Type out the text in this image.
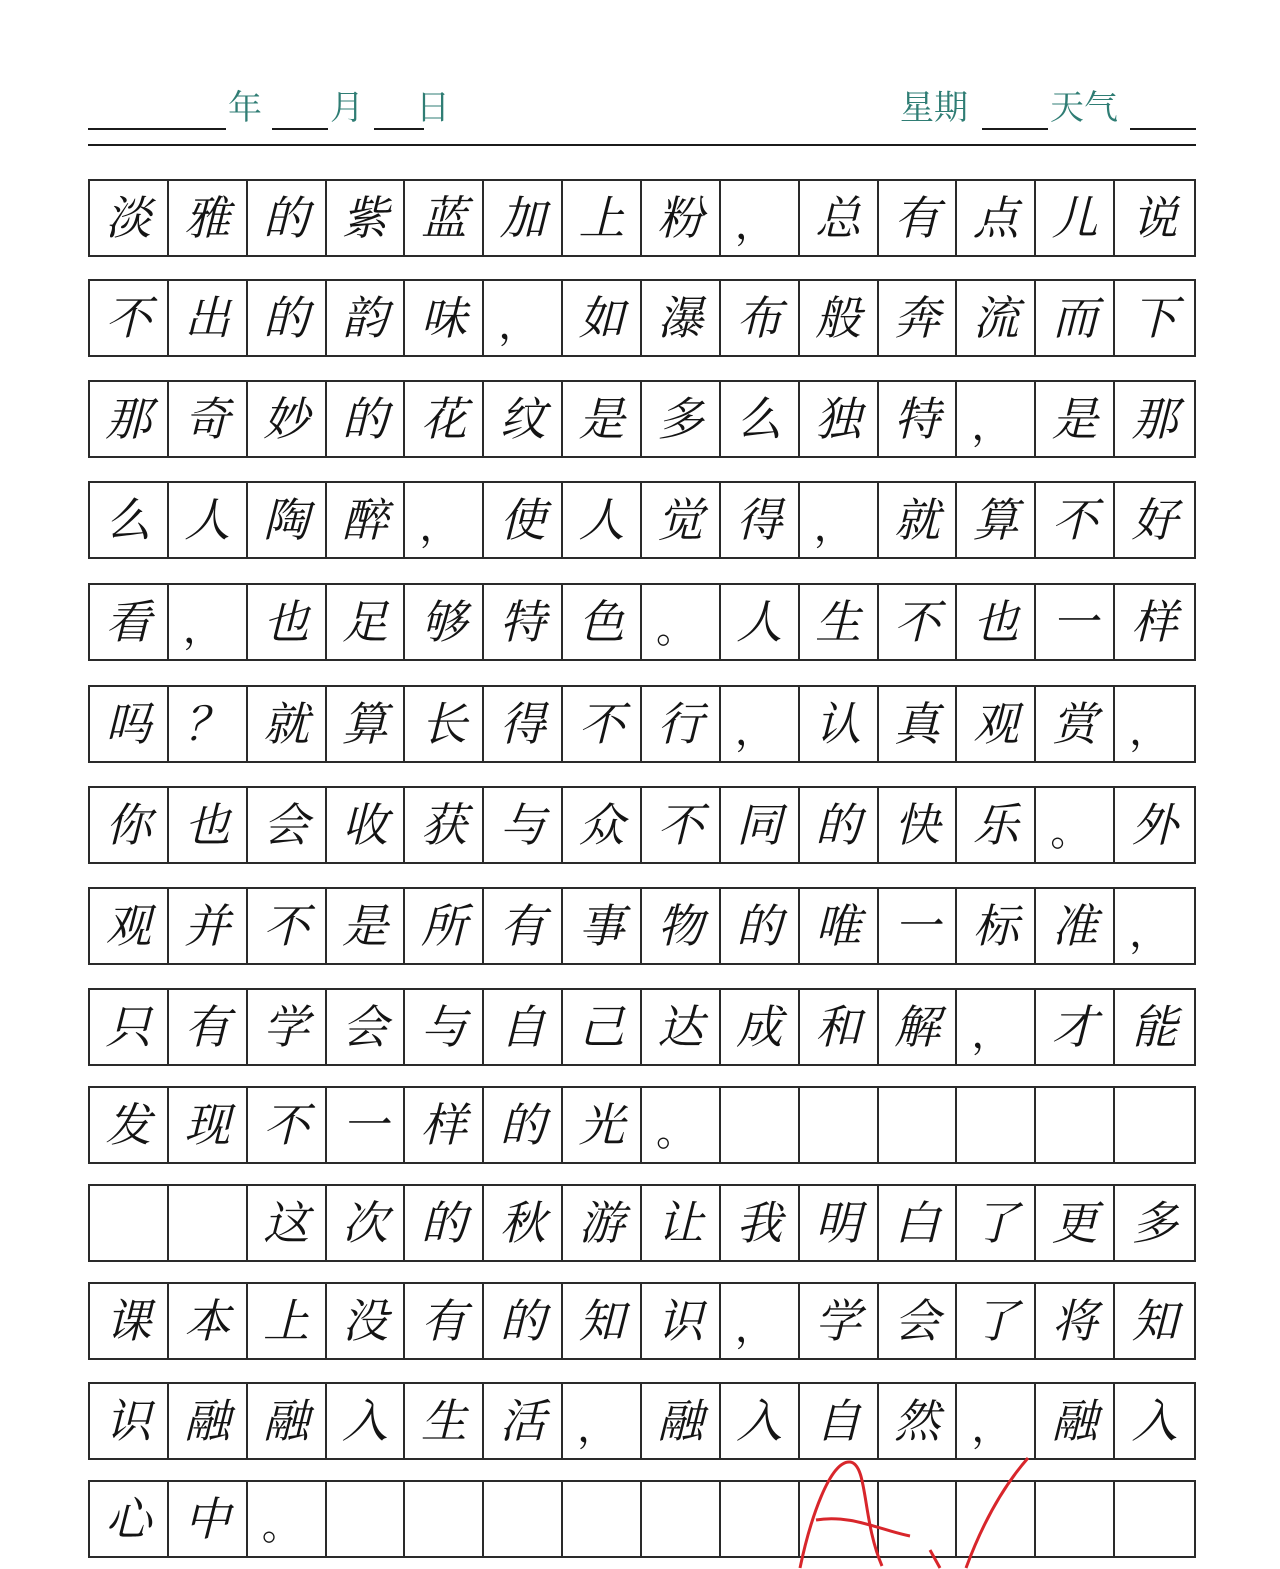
年 月 日	星期 天气
淡 雅 的 紫 蓝 加 上 粉 ， 总 有 点 儿 说
不 出 的 韵 味 ， 如 瀑 布 般 奔 流 而 下
那 奇 妙 的 花 纹 是 多 么 独 特 ， 是 那
么 人 陶 醉 ， 使 人 觉 得 ， 就 算 不 好
看 ， 也 足 够 特 色 。 人 生 不 也 一 样
吗 ？ 就 算 长 得 不 行 ， 认 真 观 赏 ，
你 也 会 收 获 与 众 不 同 的 快 乐 。 外
观 并 不 是 所 有 事 物 的 唯 一 标 准 ，
只 有 学 会 与 自 己 达 成 和 解 ， 才 能
发 现 不 一 样 的 光 。
这 次 的 秋 游 让 我 明 白 了 更 多
课 本 上 没 有 的 知 识 ， 学 会 了 将 知
识 融 融 入 生 活 ， 融 入 自 然 ， 融 入
心 中 。
